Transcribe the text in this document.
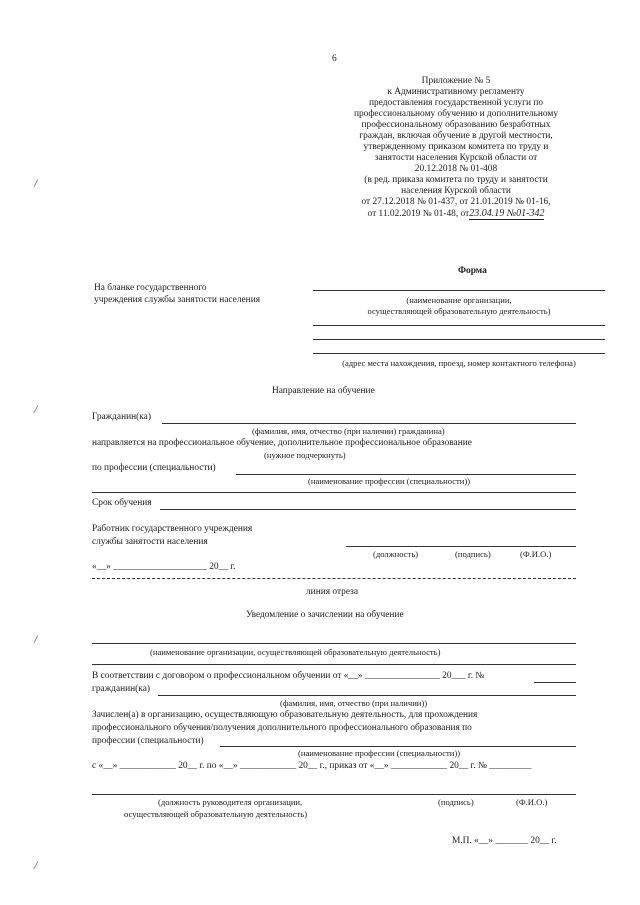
/
/
/
/
6
Приложение № 5
к Административному регламенту
предоставления государственной услуги по
профессиональному обучению и дополнительному
профессиональному образованию безработных
граждан, включая обучение в другой местности,
утвержденному приказом комитета по труду и
занятости населения Курской области от
20.12.2018 № 01-408
(в ред. приказа комитета по труду и занятости
населения Курской области
от 27.12.2018 № 01-437, от 21.01.2019 № 01-16,
от 11.02.2019 № 01-48, от23.04.19 №01-342
Форма
На бланке государственного
учреждения службы занятости населения	(наименование организации,
осуществляющей образовательную деятельность)
(адрес места нахождения, проезд, номер контактного телефона)
Направление на обучение
Гражданин(ка)
(фамилия, имя, отчество (при наличии) гражданина)
направляется на профессиональное обучение, дополнительное профессиональное образование
(нужное подчеркнуть)
по профессии (специальности)
(наименование профессии (специальности))
Срок обучения
Работник государственного учреждения
службы занятости населения
(должность)	(подпись)	(Ф.И.О.)
«__» ____________________ 20__ г.
линия отреза
Уведомление о зачислении на обучение
(наименование организации, осуществляющей образовательную деятельность)
В соответствии с договором о профессиональном обучении от «__» ________________ 20___ г. №
гражданин(ка)
(фамилия, имя, отчество (при наличии))
Зачислен(а) в организацию, осуществляющую образовательную деятельность, для прохождения
профессионального обучения/получения дополнительного профессионального образования по
профессии (специальности)
(наименование профессии (специальности))
с «__» ____________ 20__ г. по «__» ____________ 20__ г., приказ от «__» ____________ 20__ г. № _________
(должность руководителя организации,
осуществляющей образовательную деятельность)
(подпись)	(Ф.И.О.)
М.П. «__» _______ 20__ г.
